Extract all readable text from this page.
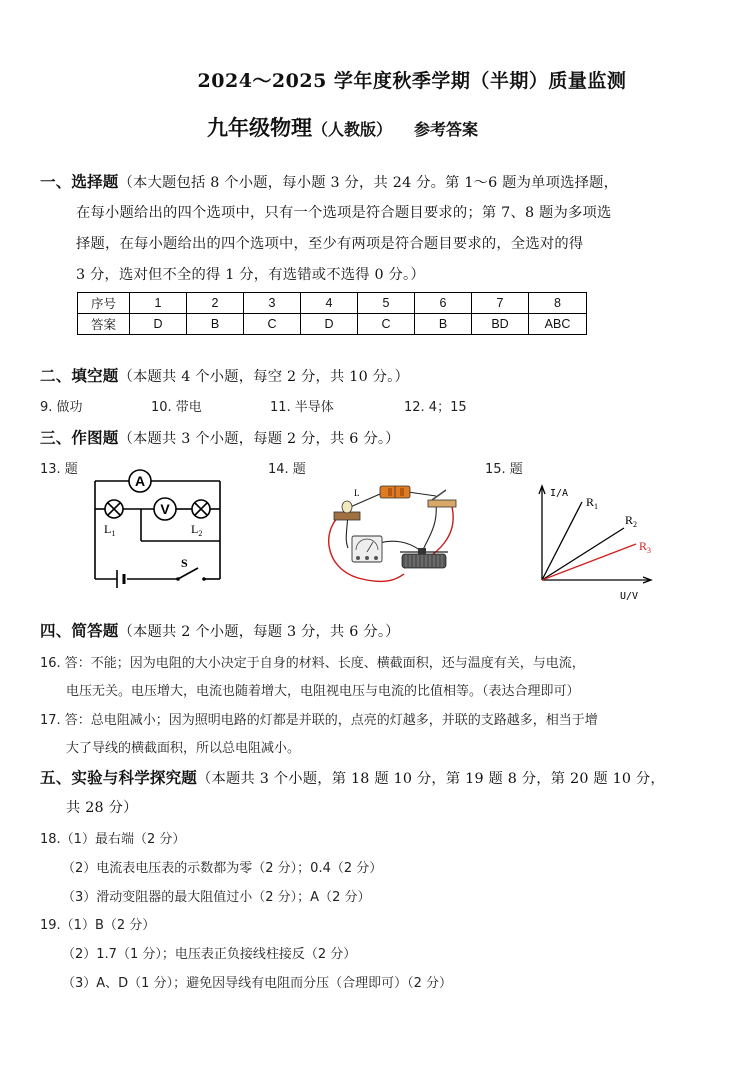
2024～2025 学年度秋季学期（半期）质量监测
九年级物理（人教版） 参考答案
一、选择题（本大题包括 8 个小题，每小题 3 分，共 24 分。第 1～6 题为单项选择题，
在每小题给出的四个选项中，只有一个选项是符合题目要求的；第 7、8 题为多项选
择题，在每小题给出的四个选项中，至少有两项是符合题目要求的，全选对的得
3 分，选对但不全的得 1 分，有选错或不选得 0 分。）
序号	1	2	3	4	5	6	7	8
答案	D	B	C	D	C	B	BD	ABC
二、填空题（本题共 4 个小题，每空 2 分，共 10 分。）
9. 做功	10. 带电	11. 半导体	12. 4；15
三、作图题（本题共 3 个小题，每题 2 分，共 6 分。）
13. 题	14. 题	15. 题
A
V
$L_1$	$L_2$
S
L	I/A
U/V
$R_1$
$R_2$
$R_3$
四、简答题（本题共 2 个小题，每题 3 分，共 6 分。）
16. 答：不能；因为电阻的大小决定于自身的材料、长度、横截面积，还与温度有关，与电流，
电压无关。电压增大，电流也随着增大，电阻视电压与电流的比值相等。（表达合理即可）
17. 答：总电阻减小；因为照明电路的灯都是并联的，点亮的灯越多，并联的支路越多，相当于增
大了导线的横截面积，所以总电阻减小。
五、实验与科学探究题（本题共 3 个小题，第 18 题 10 分，第 19 题 8 分，第 20 题 10 分，
共 28 分）
18.（1）最右端（2 分）
（2）电流表电压表的示数都为零（2 分）；0.4（2 分）
（3）滑动变阻器的最大阻值过小（2 分）；A（2 分）
19.（1）B（2 分）
（2）1.7（1 分）；电压表正负接线柱接反（2 分）
（3）A、D（1 分）；避免因导线有电阻而分压（合理即可）（2 分）
